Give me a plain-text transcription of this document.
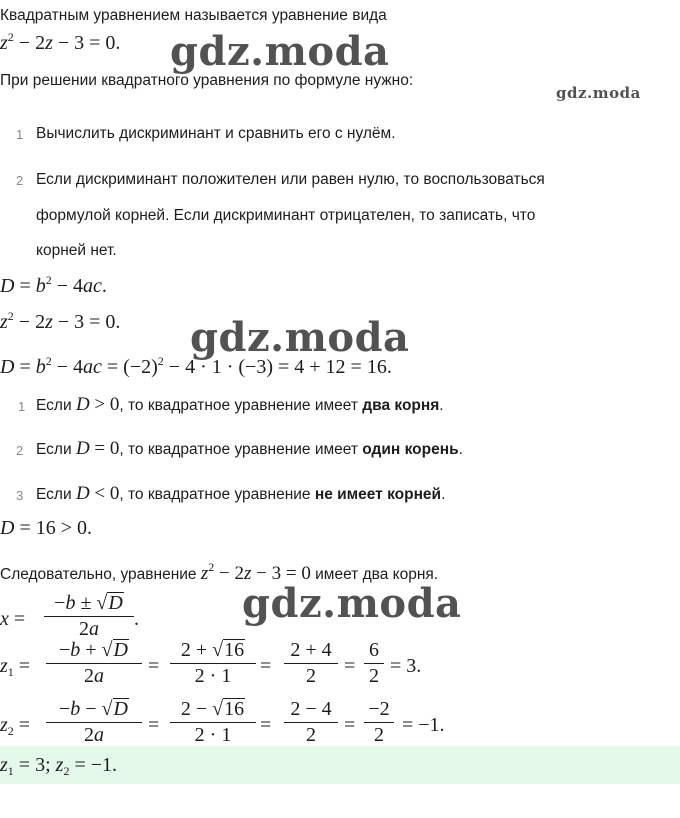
gdz.moda
gdz.moda
gdz.moda
gdz.moda
Квадратным уравнением называется уравнение вида
$z^2 - 2z - 3 = 0$.
При решении квадратного уравнения по формуле нужно:
1 Вычислить дискриминант и сравнить его с нулём.
2 Если дискриминант положителен или равен нулю, то воспользоваться
формулой корней. Если дискриминант отрицателен, то записать, что
корней нет.
$D = b^2 - 4ac$.
$z^2 - 2z - 3 = 0$.
$D = b^2 - 4ac = (-2)^2 - 4 \cdot 1 \cdot (-3) = 4 + 12 = 16$.
1 Если D > 0, то квадратное уравнение имеет два корня.
2 Если D = 0, то квадратное уравнение имеет один корень.
3 Если D < 0, то квадратное уравнение не имеет корней.
D = 16 > 0.
Следовательно, уравнение $z^2 - 2z - 3 = 0$ имеет два корня.
x =
−b ± √D
2a	.
$z_1$ =
−b + √D
2a	=
2 + √16
2 · 1	=
2 + 4
2	=
6
2 = 3.
$z_2$ =
−b − √D
2a	=
2 − √16
2 · 1	=
2 − 4
2	=
−2
2 = −1.
$z_1 = 3$; $z_2 = -1$.
